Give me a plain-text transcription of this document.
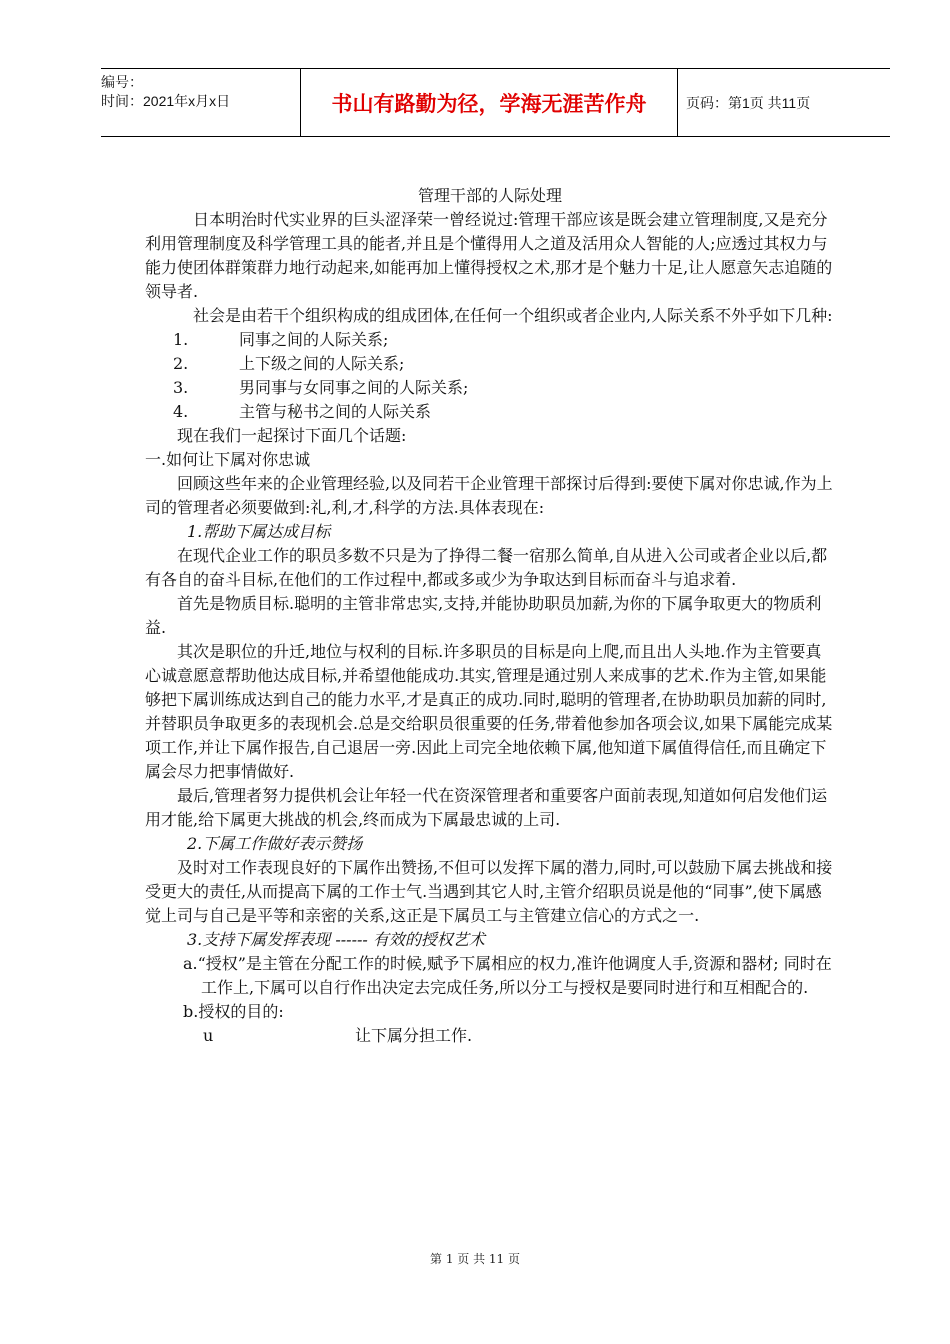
编号：
时间：2021年x月x日	书山有路勤为径，学海无涯苦作舟	页码：第1页 共11页

管理干部的人际处理

日本明治时代实业界的巨头涩泽荣一曾经说过:管理干部应该是既会建立管理制度,又是充分利用管理制度及科学管理工具的能者,并且是个懂得用人之道及活用众人智能的人;应透过其权力与能力使团体群策群力地行动起来,如能再加上懂得授权之术,那才是个魅力十足,让人愿意矢志追随的领导者.

社会是由若干个组织构成的组成团体,在任何一个组织或者企业内,人际关系不外乎如下几种:

1.	同事之间的人际关系;
2.	上下级之间的人际关系;
3.	男同事与女同事之间的人际关系;
4.	主管与秘书之间的人际关系

现在我们一起探讨下面几个话题:

一.如何让下属对你忠诚

回顾这些年来的企业管理经验,以及同若干企业管理干部探讨后得到:要使下属对你忠诚,作为上司的管理者必须要做到:礼,利,才,科学的方法.具体表现在:

1.帮助下属达成目标

在现代企业工作的职员多数不只是为了挣得二餐一宿那么简单,自从进入公司或者企业以后,都有各自的奋斗目标,在他们的工作过程中,都或多或少为争取达到目标而奋斗与追求着.

首先是物质目标.聪明的主管非常忠实,支持,并能协助职员加薪,为你的下属争取更大的物质利益.

其次是职位的升迁,地位与权利的目标.许多职员的目标是向上爬,而且出人头地.作为主管要真心诚意愿意帮助他达成目标,并希望他能成功.其实,管理是通过别人来成事的艺术.作为主管,如果能够把下属训练成达到自己的能力水平,才是真正的成功.同时,聪明的管理者,在协助职员加薪的同时,并替职员争取更多的表现机会.总是交给职员很重要的任务,带着他参加各项会议,如果下属能完成某项工作,并让下属作报告,自己退居一旁.因此上司完全地依赖下属,他知道下属值得信任,而且确定下属会尽力把事情做好.

最后,管理者努力提供机会让年轻一代在资深管理者和重要客户面前表现,知道如何启发他们运用才能,给下属更大挑战的机会,终而成为下属最忠诚的上司.

2.下属工作做好表示赞扬

及时对工作表现良好的下属作出赞扬,不但可以发挥下属的潜力,同时,可以鼓励下属去挑战和接受更大的责任,从而提高下属的工作士气.当遇到其它人时,主管介绍职员说是他的“同事”,使下属感觉上司与自己是平等和亲密的关系,这正是下属员工与主管建立信心的方式之一.

3.支持下属发挥表现 ------ 有效的授权艺术

a.“授权”是主管在分配工作的时候,赋予下属相应的权力,准许他调度人手,资源和器材; 同时在工作上,下属可以自行作出决定去完成任务,所以分工与授权是要同时进行和互相配合的.

b.授权的目的:

u	让下属分担工作.
第 1 页 共 11 页
